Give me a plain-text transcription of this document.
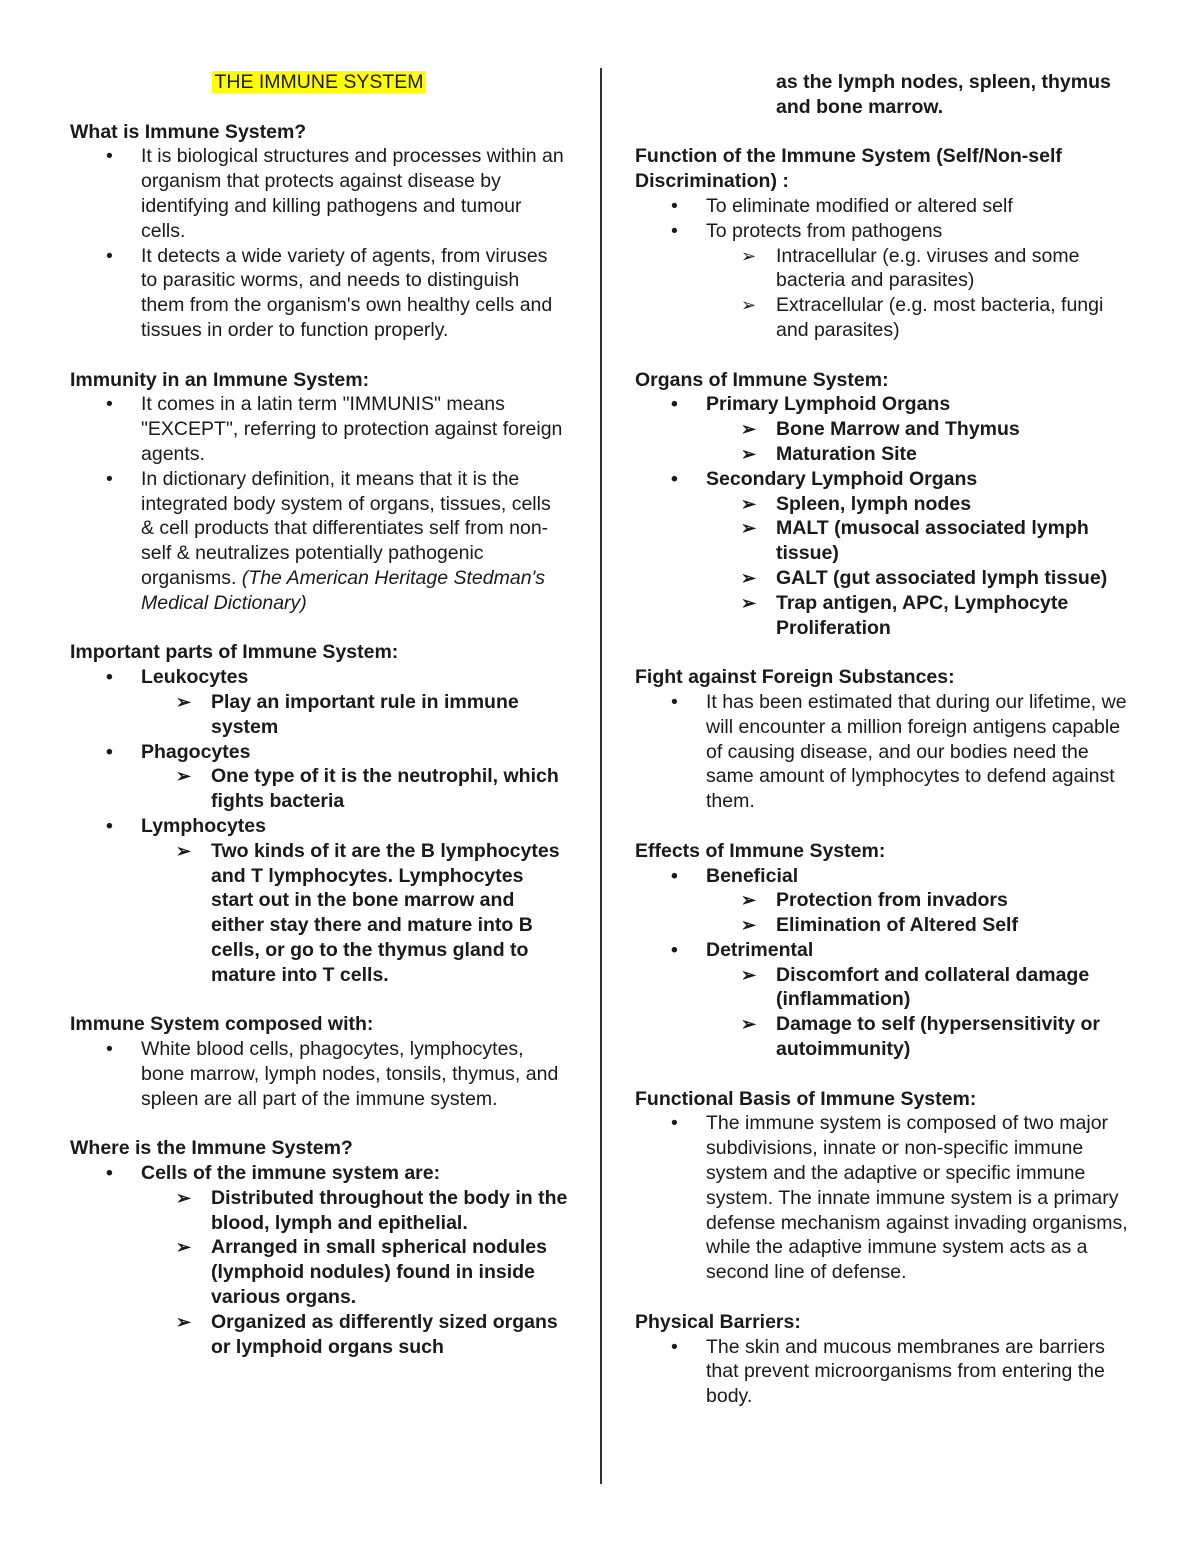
THE IMMUNE SYSTEM

What is Immune System?

• It is biological structures and processes within an organism that protects against disease by identifying and killing pathogens and tumour cells.
• It detects a wide variety of agents, from viruses to parasitic worms, and needs to distinguish them from the organism's own healthy cells and tissues in order to function properly.

Immunity in an Immune System:

• It comes in a latin term "IMMUNIS" means "EXCEPT", referring to protection against foreign agents.
• In dictionary definition, it means that it is the integrated body system of organs, tissues, cells & cell products that differentiates self from non-self & neutralizes potentially pathogenic organisms. (The American Heritage Stedman's Medical Dictionary)

Important parts of Immune System:

• Leukocytes
➢ Play an important rule in immune system
• Phagocytes
➢ One type of it is the neutrophil, which fights bacteria
• Lymphocytes
➢ Two kinds of it are the B lymphocytes and T lymphocytes. Lymphocytes start out in the bone marrow and either stay there and mature into B cells, or go to the thymus gland to mature into T cells.

Immune System composed with:

• White blood cells, phagocytes, lymphocytes, bone marrow, lymph nodes, tonsils, thymus, and spleen are all part of the immune system.

Where is the Immune System?

• Cells of the immune system are:
➢ Distributed throughout the body in the blood, lymph and epithelial.
➢ Arranged in small spherical nodules (lymphoid nodules) found in inside various organs.
➢ Organized as differently sized organs or lymphoid organs such
as the lymph nodes, spleen, thymus and bone marrow.

Function of the Immune System (Self/Non-self Discrimination) :

• To eliminate modified or altered self
• To protects from pathogens
➢ Intracellular (e.g. viruses and some bacteria and parasites)
➢ Extracellular (e.g. most bacteria, fungi and parasites)

Organs of Immune System:

• Primary Lymphoid Organs
➢ Bone Marrow and Thymus
➢ Maturation Site
• Secondary Lymphoid Organs
➢ Spleen, lymph nodes
➢ MALT (musocal associated lymph tissue)
➢ GALT (gut associated lymph tissue)
➢ Trap antigen, APC, Lymphocyte Proliferation

Fight against Foreign Substances:

• It has been estimated that during our lifetime, we will encounter a million foreign antigens capable of causing disease, and our bodies need the same amount of lymphocytes to defend against them.

Effects of Immune System:

• Beneficial
➢ Protection from invadors
➢ Elimination of Altered Self
• Detrimental
➢ Discomfort and collateral damage (inflammation)
➢ Damage to self (hypersensitivity or autoimmunity)

Functional Basis of Immune System:

• The immune system is composed of two major subdivisions, innate or non-specific immune system and the adaptive or specific immune system. The innate immune system is a primary defense mechanism against invading organisms, while the adaptive immune system acts as a second line of defense.

Physical Barriers:

• The skin and mucous membranes are barriers that prevent microorganisms from entering the body.
